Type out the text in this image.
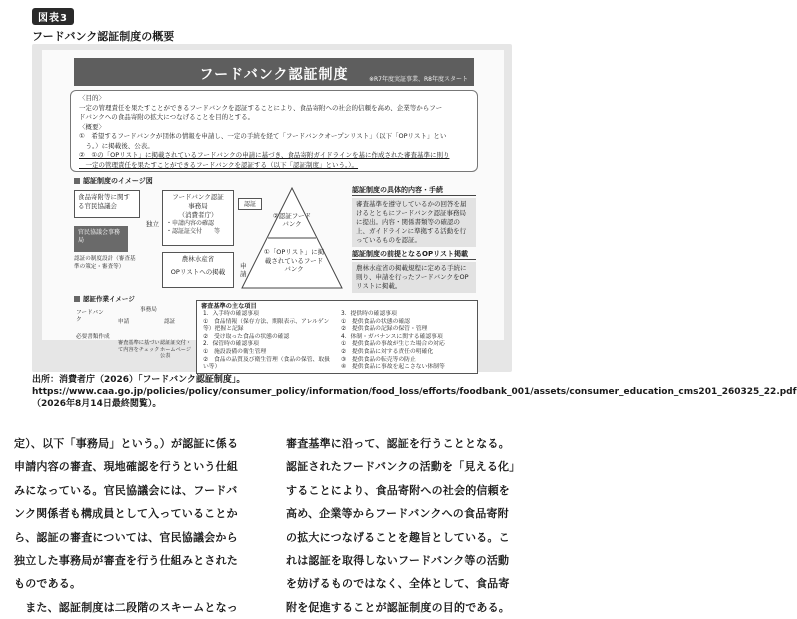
図表3
フードバンク認証制度の概要
フードバンク認証制度	※R7年度実証事業、R8年度スタート

〈目的〉

一定の管理責任を果たすことができるフードバンクを認証することにより、食品寄附への社会的信頼を高め、企業等からフー

ドバンクへの食品寄附の拡大につなげることを目的とする。

〈概要〉

①　希望するフードバンクが団体の情報を申請し、一定の手続を経て「フードバンクオープンリスト」（以下「OPリスト」とい

　う。）に掲載後、公表。

②　①の「OPリスト」に掲載されているフードバンクの申請に基づき、食品寄附ガイドラインを基に作成された審査基準に則り

　一定の管理責任を果たすことができるフードバンクを認証する（以下「認証制度」という。）。

認証制度のイメージ図
食品寄附等に関する官民協議会
官民協議会事務局
認証の制度設計（審査基準の策定・審査等）
独立
フードバンク認証
事務局
（消費者庁）
・申請内容の確認
・認証証交付　　等
認証
農林水産省
OPリストへの掲載
申請
②認証フードバンク
①「OPリスト」に掲載されているフードバンク
認証制度の具体的内容・手続
審査基準を遵守しているかの回答を届けるとともにフードバンク認証事務局に提出。内容・関係書類等の確認の上、ガイドラインに準拠する活動を行っているものを認証。
認証制度の前提となるOPリスト掲載
農林水産省の掲載規程に定める手続に則り、申請を行ったフードバンクをOPリストに掲載。
認証作業イメージ
フードバンク
必要書類作成
申請
事務局
審査基準に基づいて内容をチェック
認証
認証証交付・ホームページ公表
審査基準の主な項目
1．入手時の確認事項
①　食品情報（保存方法、期限表示、アレルゲン等）把握と記録
②　受け取った食品の状態の確認
2．保管時の確認事項
①　施設設備の衛生管理
②　食品の品質及び衛生管理（食品の保管、取扱い等）
3．提供時の確認事項
①　提供食品の状態の確認
②　提供食品の記録の保管・管理
4．体制・ガバナンスに関する確認事項
①　提供食品の事故が生じた場合の対応
②　提供食品に対する責任の明確化
③　提供食品の転売等の防止
④　提供食品に事故を起こさない体制等
出所：消費者庁（2026）「フードバンク認証制度」。https://www.caa.go.jp/policies/policy/consumer_policy/information/food_loss/efforts/foodbank_001/assets/consumer_education_cms201_260325_22.pdf（2026年8月14日最終閲覧）。

定）、以下「事務局」という。）が認証に係る

申請内容の審査、現地確認を行うという仕組

みになっている。官民協議会には、フードバ

ンク関係者も構成員として入っていることか

ら、認証の審査については、官民協議会から

独立した事務局が審査を行う仕組みとされた

ものである。

　また、認証制度は二段階のスキームとなっ

審査基準に沿って、認証を行うこととなる。

認証されたフードバンクの活動を「見える化」

することにより、食品寄附への社会的信頼を

高め、企業等からフードバンクへの食品寄附

の拡大につなげることを趣旨としている。こ

れは認証を取得しないフードバンク等の活動

を妨げるものではなく、全体として、食品寄

附を促進することが認証制度の目的である。
